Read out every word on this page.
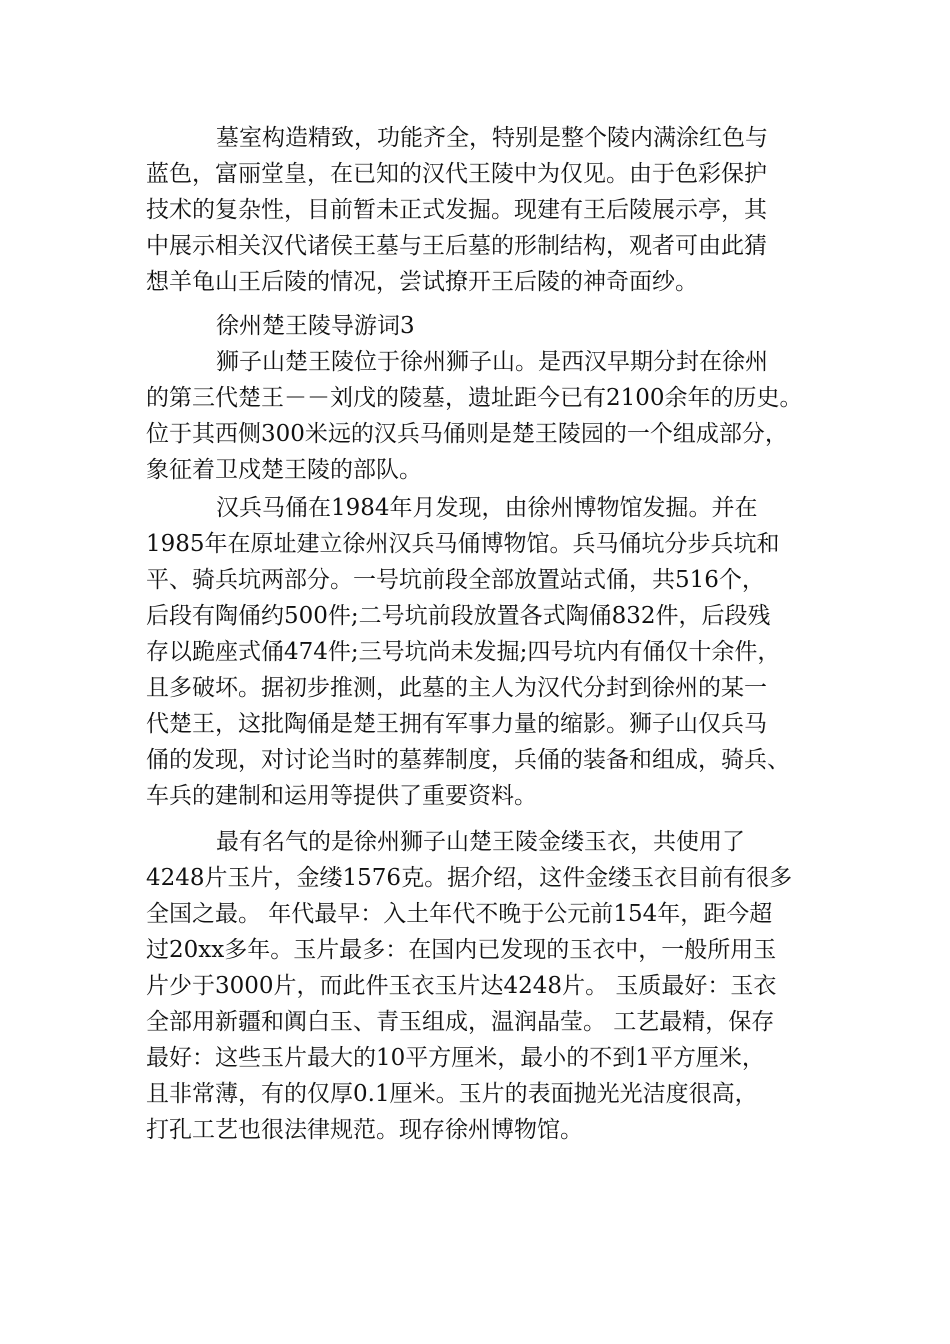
墓室构造精致，功能齐全，特别是整个陵内满涂红色与

蓝色，富丽堂皇，在已知的汉代王陵中为仅见。由于色彩保护

技术的复杂性，目前暂未正式发掘。现建有王后陵展示亭，其

中展示相关汉代诸侯王墓与王后墓的形制结构，观者可由此猜

想羊龟山王后陵的情况，尝试撩开王后陵的神奇面纱。

徐州楚王陵导游词3

狮子山楚王陵位于徐州狮子山。是西汉早期分封在徐州

的第三代楚王－－刘戊的陵墓，遗址距今已有2100余年的历史。

位于其西侧300米远的汉兵马俑则是楚王陵园的一个组成部分，

象征着卫戍楚王陵的部队。

汉兵马俑在1984年月发现，由徐州博物馆发掘。并在

1985年在原址建立徐州汉兵马俑博物馆。兵马俑坑分步兵坑和

平、骑兵坑两部分。一号坑前段全部放置站式俑，共516个，

后段有陶俑约500件;二号坑前段放置各式陶俑832件，后段残

存以跪座式俑474件;三号坑尚未发掘;四号坑内有俑仅十余件，

且多破坏。据初步推测，此墓的主人为汉代分封到徐州的某一

代楚王，这批陶俑是楚王拥有军事力量的缩影。狮子山仅兵马

俑的发现，对讨论当时的墓葬制度，兵俑的装备和组成，骑兵、

车兵的建制和运用等提供了重要资料。

最有名气的是徐州狮子山楚王陵金缕玉衣，共使用了

4248片玉片，金缕1576克。据介绍，这件金缕玉衣目前有很多

全国之最。 年代最早：入土年代不晚于公元前154年，距今超

过20xx多年。玉片最多：在国内已发现的玉衣中，一般所用玉

片少于3000片，而此件玉衣玉片达4248片。 玉质最好：玉衣

全部用新疆和阗白玉、青玉组成，温润晶莹。 工艺最精，保存

最好：这些玉片最大的10平方厘米，最小的不到1平方厘米，

且非常薄，有的仅厚0.1厘米。玉片的表面抛光光洁度很高，

打孔工艺也很法律规范。现存徐州博物馆。
